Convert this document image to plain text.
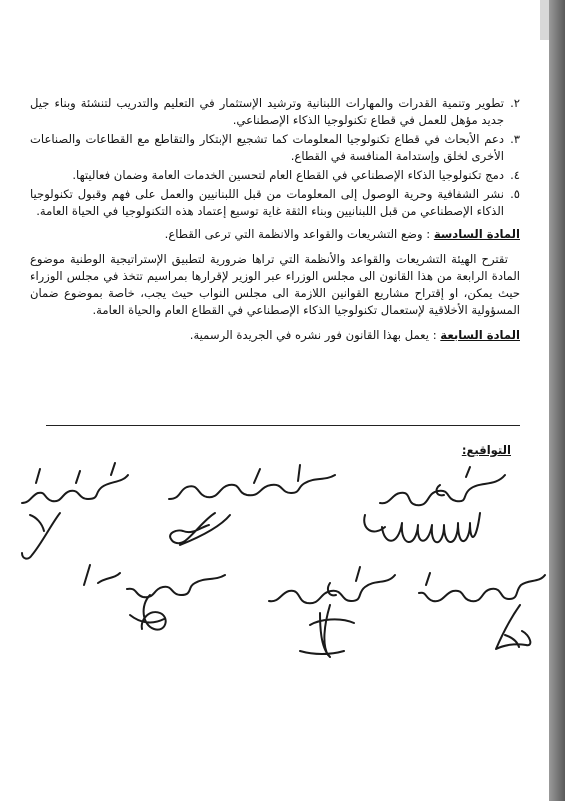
٢.
تطوير وتنمية القدرات والمهارات اللبنانية وترشيد الإستثمار في التعليم والتدريب لتنشئة وبناء جيل جديد مؤهل للعمل في قطاع تكنولوجيا الذكاء الإصطناعي.
٣.
دعم الأبحاث في قطاع تكنولوجيا المعلومات كما تشجيع الإبتكار والتقاطع مع القطاعات والصناعات الأخرى لخلق وإستدامة المنافسة في القطاع.
٤.
دمج تكنولوجيا الذكاء الإصطناعي في القطاع العام لتحسين الخدمات العامة وضمان فعاليتها.
٥.
نشر الشفافية وحرية الوصول إلى المعلومات من قبل اللبنانيين والعمل على فهم وقبول تكنولوجيا الذكاء الإصطناعي من قبل اللبنانيين وبناء الثقة غاية توسيع إعتماد هذه التكنولوجيا في الحياة العامة.
المادة السادسة : وضع التشريعات والقواعد والانظمة التي ترعى القطاع.
تقترح الهيئة التشريعات والقواعد والأنظمة التي تراها ضرورية لتطبيق الإستراتيجية الوطنية موضوع المادة الرابعة من هذا القانون الى مجلس الوزراء عبر الوزير لإقرارها بمراسيم تتخذ في مجلس الوزراء حيث يمكن، او إقتراح مشاريع القوانين اللازمة الى مجلس النواب حيث يجب، خاصة بموضوع ضمان المسؤولية الأخلاقية لإستعمال تكنولوجيا الذكاء الإصطناعي في القطاع العام والحياة العامة.
المادة السابعة : يعمل بهذا القانون فور نشره في الجريدة الرسمية.
التواقيع:
